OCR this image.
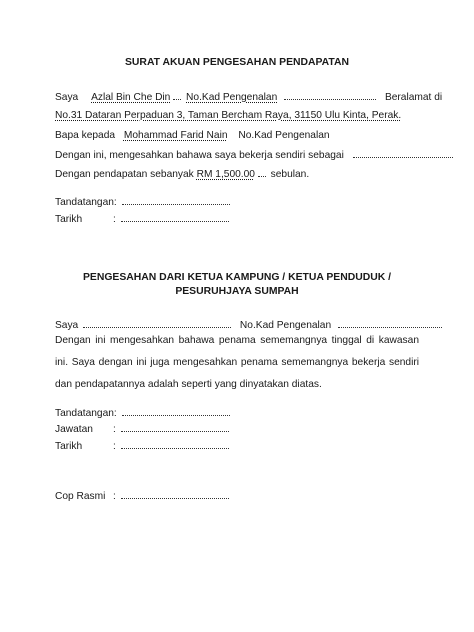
SURAT AKUAN PENGESAHAN PENDAPATAN
Saya Azlal Bin Che Din No.Kad Pengenalan	Beralamat di
No.31 Dataran Perpaduan 3, Taman Bercham Raya, 31150 Ulu Kinta, Perak.
Bapa kepada Mohammad Farid Nain No.Kad Pengenalan
Dengan ini, mengesahkan bahawa saya bekerja sendiri sebagai
Dengan pendapatan sebanyak RM 1,500.00 sebulan.
Tandatangan:
Tarikh	:
PENGESAHAN DARI KETUA KAMPUNG / KETUA PENDUDUK /
PESURUHJAYA SUMPAH
Saya	No.Kad Pengenalan
Dengan ini mengesahkan bahawa penama sememangnya tinggal di kawasan ini. Saya dengan ini juga mengesahkan penama sememangnya bekerja sendiri dan pendapatannya adalah seperti yang dinyatakan diatas.
Tandatangan:
Jawatan :
Tarikh	:
Cop Rasmi :
